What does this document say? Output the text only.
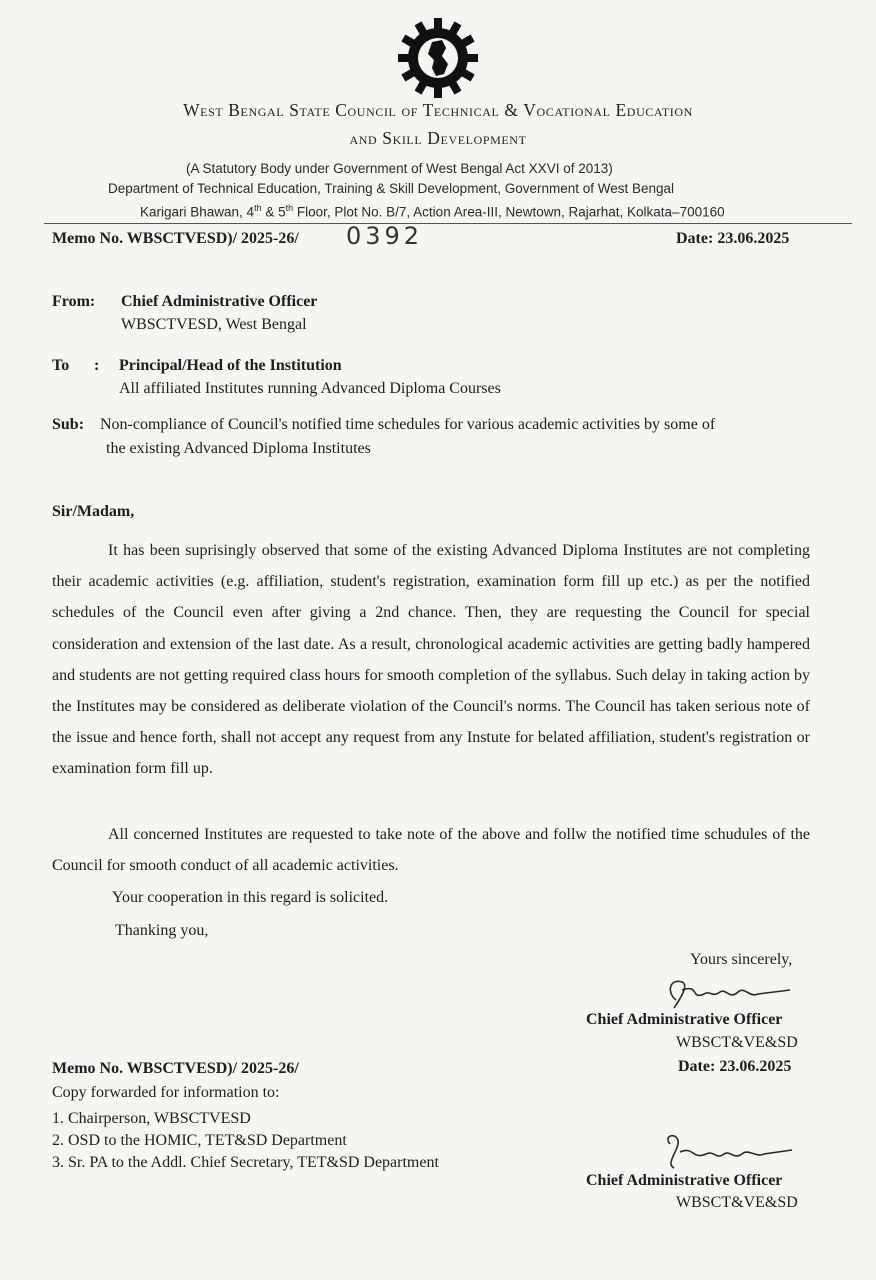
West Bengal State Council of Technical & Vocational Education
and Skill Development
(A Statutory Body under Government of West Bengal Act XXVI of 2013)
Department of Technical Education, Training & Skill Development, Government of West Bengal
Karigari Bhawan, 4th & 5th Floor, Plot No. B/7, Action Area-III, Newtown, Rajarhat, Kolkata–700160
Memo No. WBSCTVESD)/ 2025-26/ 0392	Date: 23.06.2025
From: Chief Administrative Officer
WBSCTVESD, West Bengal
To : Principal/Head of the Institution
All affiliated Institutes running Advanced Diploma Courses
Sub: Non-compliance of Council's notified time schedules for various academic activities by some of
the existing Advanced Diploma Institutes
Sir/Madam,
It has been suprisingly observed that some of the existing Advanced Diploma Institutes are not completing their academic activities (e.g. affiliation, student's registration, examination form fill up etc.) as per the notified schedules of the Council even after giving a 2nd chance. Then, they are requesting the Council for special consideration and extension of the last date. As a result, chronological academic activities are getting badly hampered and students are not getting required class hours for smooth completion of the syllabus. Such delay in taking action by the Institutes may be considered as deliberate violation of the Council's norms. The Council has taken serious note of the issue and hence forth, shall not accept any request from any Instute for belated affiliation, student's registration or examination form fill up.
All concerned Institutes are requested to take note of the above and follw the notified time schudules of the Council for smooth conduct of all academic activities.
Your cooperation in this regard is solicited.
Thanking you,
Yours sincerely,
Chief Administrative Officer
WBSCT&VE&SD
Date: 23.06.2025
Memo No. WBSCTVESD)/ 2025-26/
Copy forwarded for information to:
1. Chairperson, WBSCTVESD
2. OSD to the HOMIC, TET&SD Department
3. Sr. PA to the Addl. Chief Secretary, TET&SD Department
Chief Administrative Officer
WBSCT&VE&SD
